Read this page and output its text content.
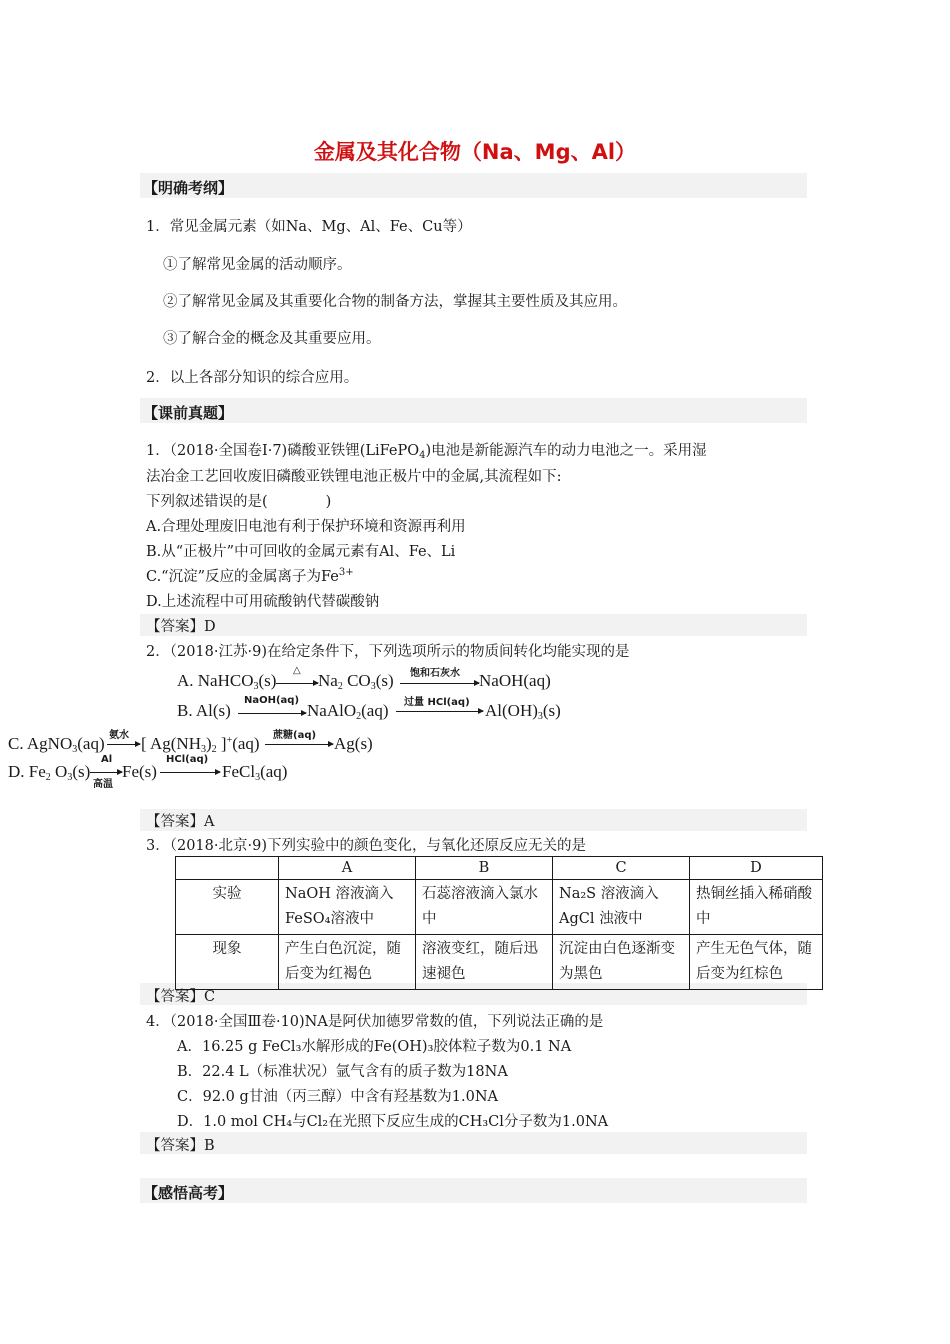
金属及其化合物（Na、Mg、Al）
【明确考纲】
1．常见金属元素（如Na、Mg、Al、Fe、Cu等）
①了解常见金属的活动顺序。
②了解常见金属及其重要化合物的制备方法，掌握其主要性质及其应用。
③了解合金的概念及其重要应用。
2．以上各部分知识的综合应用。
【课前真题】
1．（2018·全国卷Ⅰ·7)磷酸亚铁锂(LiFePO$_4$)电池是新能源汽车的动力电池之一。采用湿
法冶金工艺回收废旧磷酸亚铁锂电池正极片中的金属,其流程如下:
下列叙述错误的是(　　　　)
A.合理处理废旧电池有利于保护环境和资源再利用
B.从“正极片”中可回收的金属元素有Al、Fe、Li
C.“沉淀”反应的金属离子为$Fe^{3+}$
D.上述流程中可用硫酸钠代替碳酸钠
【答案】D
2．（2018·江苏·9)在给定条件下，下列选项所示的物质间转化均能实现的是
A. NaHCO$_3$(s)
△
$Na_2$ $CO_3(s)$ 饱和石灰水 NaOH(aq)
B. Al(s)
NaOH(aq)
NaAlO$_2$(aq) 过量 HCl(aq) $Al(OH)_3(s)$
C. AgNO$_3$(aq) 氨水 [ $Ag(NH_3)_2$ ]+(aq) 蔗糖(aq) Ag(s)
D. $Fe_2$ $O_3(s)$
Al
高温
Fe(s)
HCl(aq)
FeCl$_3$(aq)
【答案】A
3．（2018·北京·9)下列实验中的颜色变化，与氧化还原反应无关的是
	A	B	C	D
实验	NaOH 溶液滴入FeSO₄溶液中	石蕊溶液滴入氯水中	Na₂S 溶液滴入AgCl 浊液中	热铜丝插入稀硝酸中
现象	产生白色沉淀，随后变为红褐色	溶液变红，随后迅速褪色	沉淀由白色逐渐变为黑色	产生无色气体，随后变为红棕色
【答案】C
4．（2018·全国Ⅲ卷·10)NA是阿伏加德罗常数的值，下列说法正确的是
A．16.25 g FeCl₃水解形成的Fe(OH)₃胶体粒子数为0.1 NA
B．22.4 L（标准状况）氩气含有的质子数为18NA
C．92.0 g甘油（丙三醇）中含有羟基数为1.0NA
D．1.0 mol CH₄与Cl₂在光照下反应生成的CH₃Cl分子数为1.0NA
【答案】B
【感悟高考】
